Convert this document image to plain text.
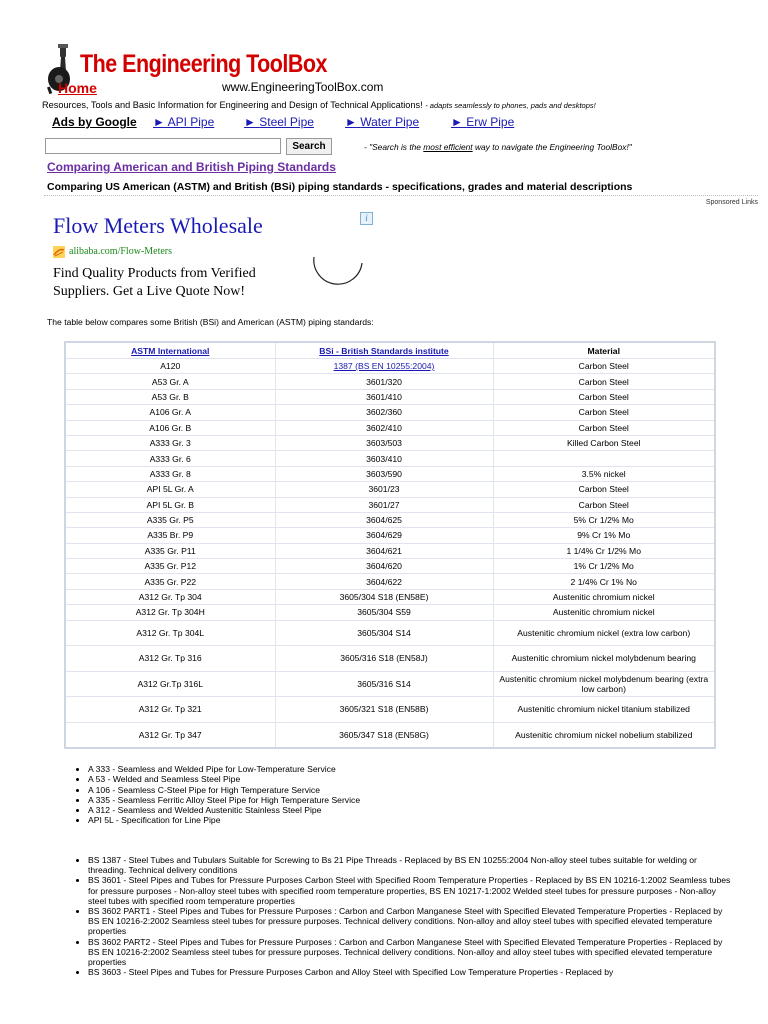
The Engineering ToolBox
Home	www.EngineeringToolBox.com
Resources, Tools and Basic Information for Engineering and Design of Technical Applications! - adapts seamlessly to phones, pads and desktops!
Ads by Google ► API Pipe ► Steel Pipe	► Water Pipe	► Erw Pipe
Search	- "Search is the most efficient way to navigate the Engineering ToolBox!"
Comparing American and British Piping Standards
Comparing US American (ASTM) and British (BSi) piping standards - specifications, grades and material descriptions
Sponsored Links
Flow Meters Wholesale	i
alibaba.com/Flow-Meters
Find Quality Products from Verified
Suppliers. Get a Live Quote Now!
The table below compares some British (BSi) and American (ASTM) piping standards:
ASTM International	BSi - British Standards institute	Material
A120	1387 (BS EN 10255:2004)	Carbon Steel
A53 Gr. A	3601/320	Carbon Steel
A53 Gr. B	3601/410	Carbon Steel
A106 Gr. A	3602/360	Carbon Steel
A106 Gr. B	3602/410	Carbon Steel
A333 Gr. 3	3603/503	Killed Carbon Steel
A333 Gr. 6	3603/410	
A333 Gr. 8	3603/590	3.5% nickel
API 5L Gr. A	3601/23	Carbon Steel
API 5L Gr. B	3601/27	Carbon Steel
A335 Gr. P5	3604/625	5% Cr 1/2% Mo
A335 Br. P9	3604/629	9% Cr 1% Mo
A335 Gr. P11	3604/621	1 1/4% Cr 1/2% Mo
A335 Gr. P12	3604/620	1% Cr 1/2% Mo
A335 Gr. P22	3604/622	2 1/4% Cr 1% No
A312 Gr. Tp 304	3605/304 S18 (EN58E)	Austenitic chromium nickel
A312 Gr. Tp 304H	3605/304 S59	Austenitic chromium nickel
A312 Gr. Tp 304L	3605/304 S14	Austenitic chromium nickel (extra low carbon)
A312 Gr. Tp 316	3605/316 S18 (EN58J)	Austenitic chromium nickel molybdenum bearing
A312 Gr.Tp 316L	3605/316 S14	Austenitic chromium nickel molybdenum bearing (extra low carbon)
A312 Gr. Tp 321	3605/321 S18 (EN58B)	Austenitic chromium nickel titanium stabilized
A312 Gr. Tp 347	3605/347 S18 (EN58G)	Austenitic chromium nickel nobelium stabilized
• A 333 - Seamless and Welded Pipe for Low-Temperature Service
• A 53 - Welded and Seamless Steel Pipe
• A 106 - Seamless C-Steel Pipe for High Temperature Service
• A 335 - Seamless Ferritic Alloy Steel Pipe for High Temperature Service
• A 312 - Seamless and Welded Austenitic Stainless Steel Pipe
• API 5L - Specification for Line Pipe
• BS 1387 - Steel Tubes and Tubulars Suitable for Screwing to Bs 21 Pipe Threads - Replaced by BS EN 10255:2004 Non-alloy steel tubes suitable for welding or threading. Technical delivery conditions
• BS 3601 - Steel Pipes and Tubes for Pressure Purposes Carbon Steel with Specified Room Temperature Properties - Replaced by BS EN 10216-1:2002 Seamless tubes for pressure purposes - Non-alloy steel tubes with specified room temperature properties, BS EN 10217-1:2002 Welded steel tubes for pressure purposes - Non-alloy steel tubes with specified room temperature properties
• BS 3602 PART1 - Steel Pipes and Tubes for Pressure Purposes : Carbon and Carbon Manganese Steel with Specified Elevated Temperature Properties - Replaced by BS EN 10216-2:2002 Seamless steel tubes for pressure purposes. Technical delivery conditions. Non-alloy and alloy steel tubes with specified elevated temperature properties
• BS 3602 PART2 - Steel Pipes and Tubes for Pressure Purposes : Carbon and Carbon Manganese Steel with Specified Elevated Temperature Properties - Replaced by BS EN 10216-2:2002 Seamless steel tubes for pressure purposes. Technical delivery conditions. Non-alloy and alloy steel tubes with specified elevated temperature properties
• BS 3603 - Steel Pipes and Tubes for Pressure Purposes Carbon and Alloy Steel with Specified Low Temperature Properties - Replaced by
